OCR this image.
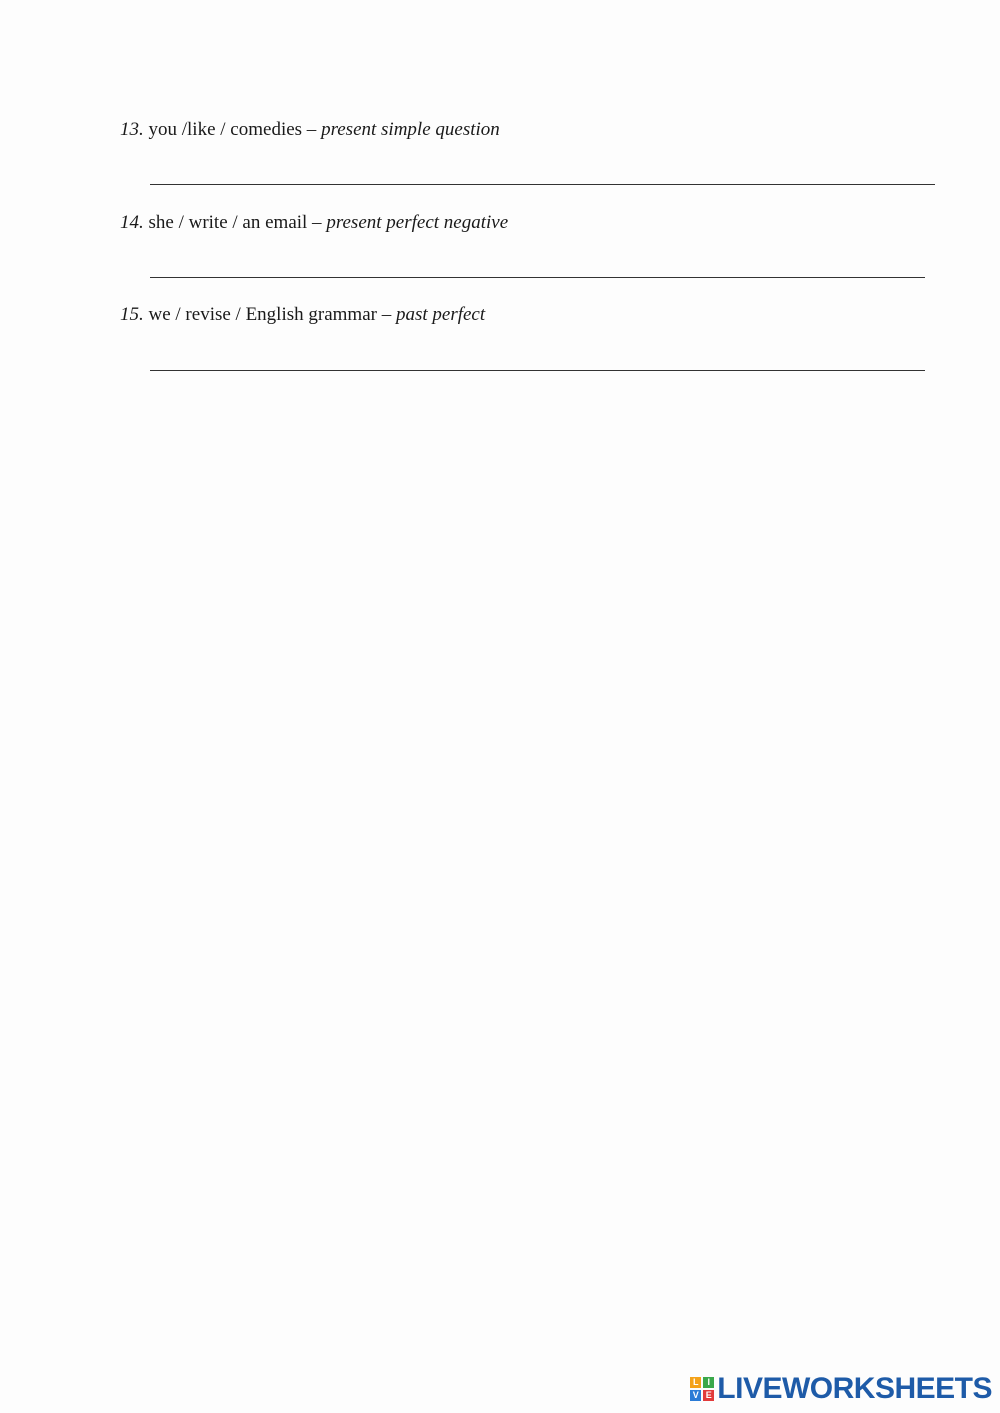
13. you /like / comedies – present simple question
14. she / write / an email – present perfect negative
15. we / revise / English grammar – past perfect
L I
V E LIVEWORKSHEETS
